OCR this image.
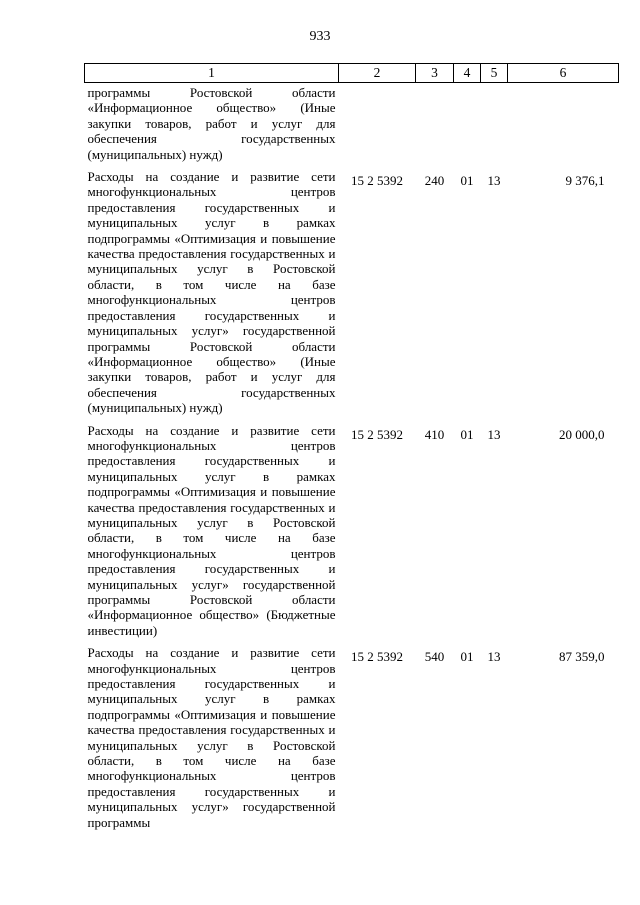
933
1	2	3	4	5	6
программы Ростовской области «Информационное общество» (Иные закупки товаров, работ и услуг для обеспечения государственных (муниципальных) нужд)					
Расходы на создание и развитие сети многофункциональных центров предоставления государственных и муниципальных услуг в рамках подпрограммы «Оптимизация и повышение качества предоставления государственных и муниципальных услуг в Ростовской области, в том числе на базе многофункциональных центров предоставления государственных и муниципальных услуг» государственной программы Ростовской области «Информационное общество» (Иные закупки товаров, работ и услуг для обеспечения государственных (муниципальных) нужд)	15 2 5392	240	01	13	9 376,1
Расходы на создание и развитие сети многофункциональных центров предоставления государственных и муниципальных услуг в рамках подпрограммы «Оптимизация и повышение качества предоставления государственных и муниципальных услуг в Ростовской области, в том числе на базе многофункциональных центров предоставления государственных и муниципальных услуг» государственной программы Ростовской области «Информационное общество» (Бюджетные инвестиции)	15 2 5392	410	01	13	20 000,0
Расходы на создание и развитие сети многофункциональных центров предоставления государственных и муниципальных услуг в рамках подпрограммы «Оптимизация и повышение качества предоставления государственных и муниципальных услуг в Ростовской области, в том числе на базе многофункциональных центров предоставления государственных и муниципальных услуг» государственной программы	15 2 5392	540	01	13	87 359,0
